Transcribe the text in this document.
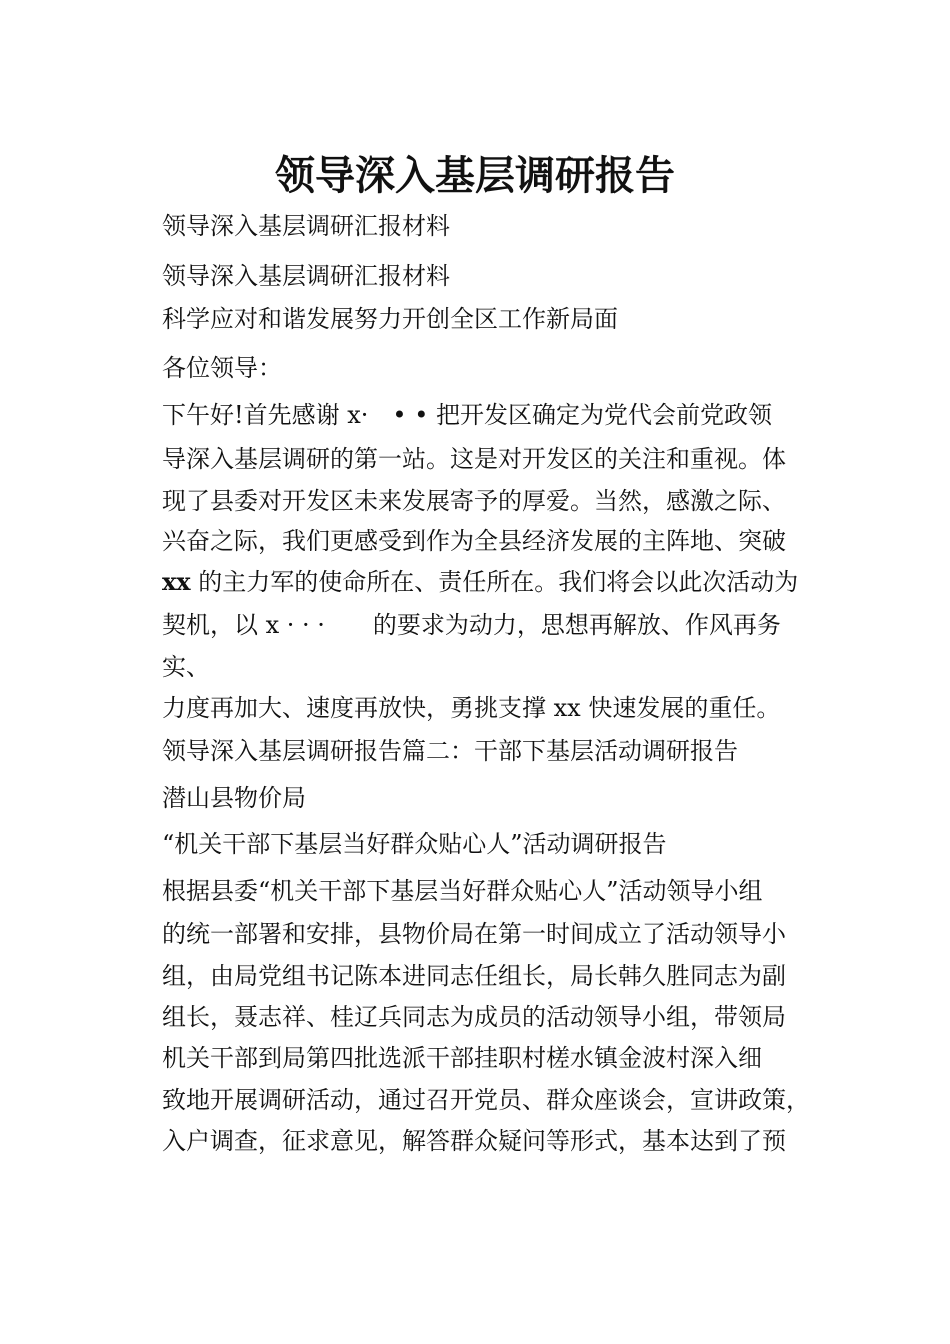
领导深入基层调研报告

领导深入基层调研汇报材料

领导深入基层调研汇报材料

科学应对和谐发展努力开创全区工作新局面

各位领导：

下午好!首先感谢 x·　• • 把开发区确定为党代会前党政领

导深入基层调研的第一站。这是对开发区的关注和重视。体

现了县委对开发区未来发展寄予的厚爱。当然，感激之际、

兴奋之际，我们更感受到作为全县经济发展的主阵地、突破

xx 的主力军的使命所在、责任所在。我们将会以此次活动为

契机，以 x · · ·　　的要求为动力，思想再解放、作风再务

实、

力度再加大、速度再放快，勇挑支撑 xx 快速发展的重任。

领导深入基层调研报告篇二：干部下基层活动调研报告

潜山县物价局

“机关干部下基层当好群众贴心人”活动调研报告

根据县委“机关干部下基层当好群众贴心人”活动领导小组

的统一部署和安排，县物价局在第一时间成立了活动领导小

组，由局党组书记陈本进同志任组长，局长韩久胜同志为副

组长，聂志祥、桂辽兵同志为成员的活动领导小组，带领局

机关干部到局第四批选派干部挂职村槎水镇金波村深入细

致地开展调研活动，通过召开党员、群众座谈会，宣讲政策，

入户调查，征求意见，解答群众疑问等形式，基本达到了预
